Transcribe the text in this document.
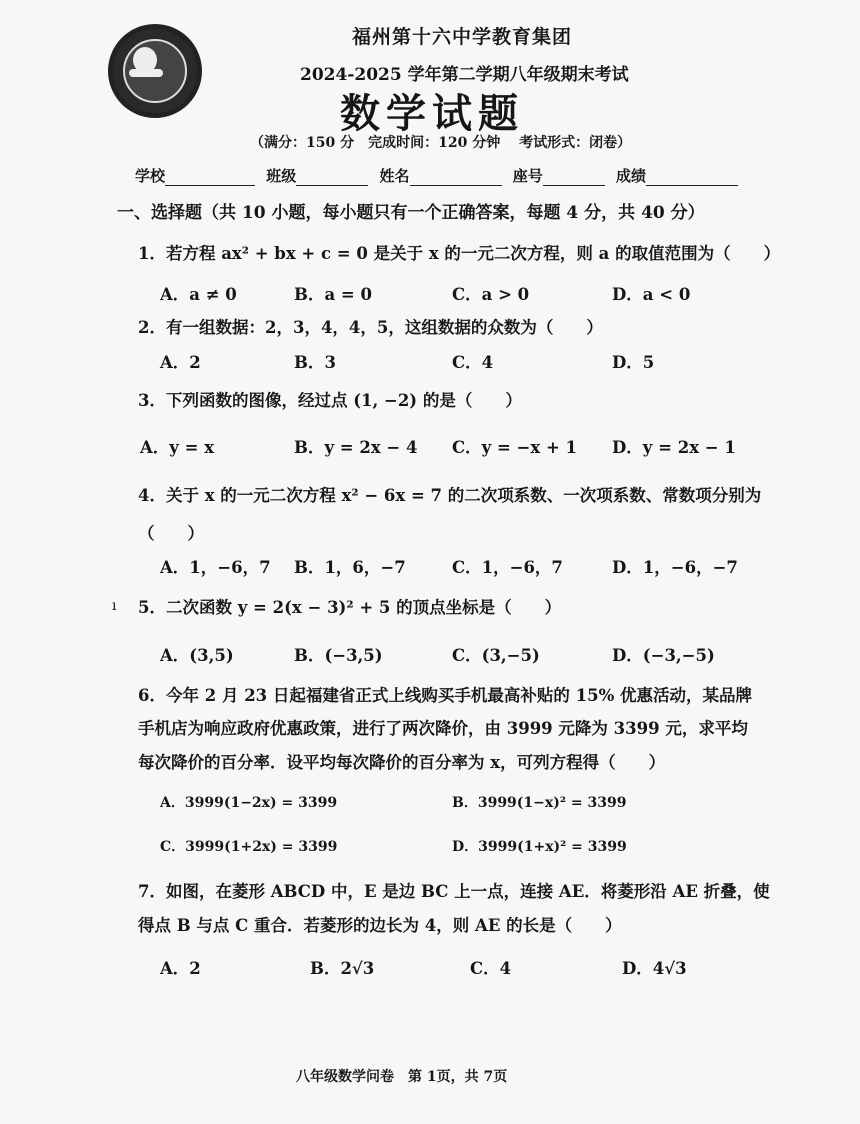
福州第十六中学教育集团
2024-2025 学年第二学期八年级期末考试
数学试题
（满分：150 分　完成时间：120 分钟　 考试形式：闭卷）
学校	班级	姓名	座号	成绩
一、选择题（共 10 小题，每小题只有一个正确答案，每题 4 分，共 40 分）
1．若方程 ax² + bx + c = 0 是关于 x 的一元二次方程，则 a 的取值范围为（　　）
A．a ≠ 0	B．a = 0	C．a > 0	D．a < 0
2．有一组数据：2，3，4，4，5，这组数据的众数为（　　）
A．2	B．3	C．4	D．5
3．下列函数的图像，经过点 (1, −2) 的是（　　）
A．y = x	B．y = 2x − 4 C．y = −x + 1 D．y = 2x − 1
4．关于 x 的一元二次方程 x² − 6x = 7 的二次项系数、一次项系数、常数项分别为
（　　）
A．1，−6，7 B．1，6，−7	C．1，−6，7	D．1，−6，−7
ı 5．二次函数 y = 2(x − 3)² + 5 的顶点坐标是（　　）
A．(3,5)	B．(−3,5)	C．(3,−5)	D．(−3,−5)
6．今年 2 月 23 日起福建省正式上线购买手机最高补贴的 15% 优惠活动，某品牌
手机店为响应政府优惠政策，进行了两次降价，由 3999 元降为 3399 元，求平均
每次降价的百分率．设平均每次降价的百分率为 x，可列方程得（　　）
A．3999(1−2x) = 3399	B．3999(1−x)² = 3399
C．3999(1+2x) = 3399	D．3999(1+x)² = 3399
7．如图，在菱形 ABCD 中，E 是边 BC 上一点，连接 AE．将菱形沿 AE 折叠，使
得点 B 与点 C 重合．若菱形的边长为 4，则 AE 的长是（　　）
A．2	B．2√3	C．4	D．4√3
八年级数学问卷　第 1页，共 7页
